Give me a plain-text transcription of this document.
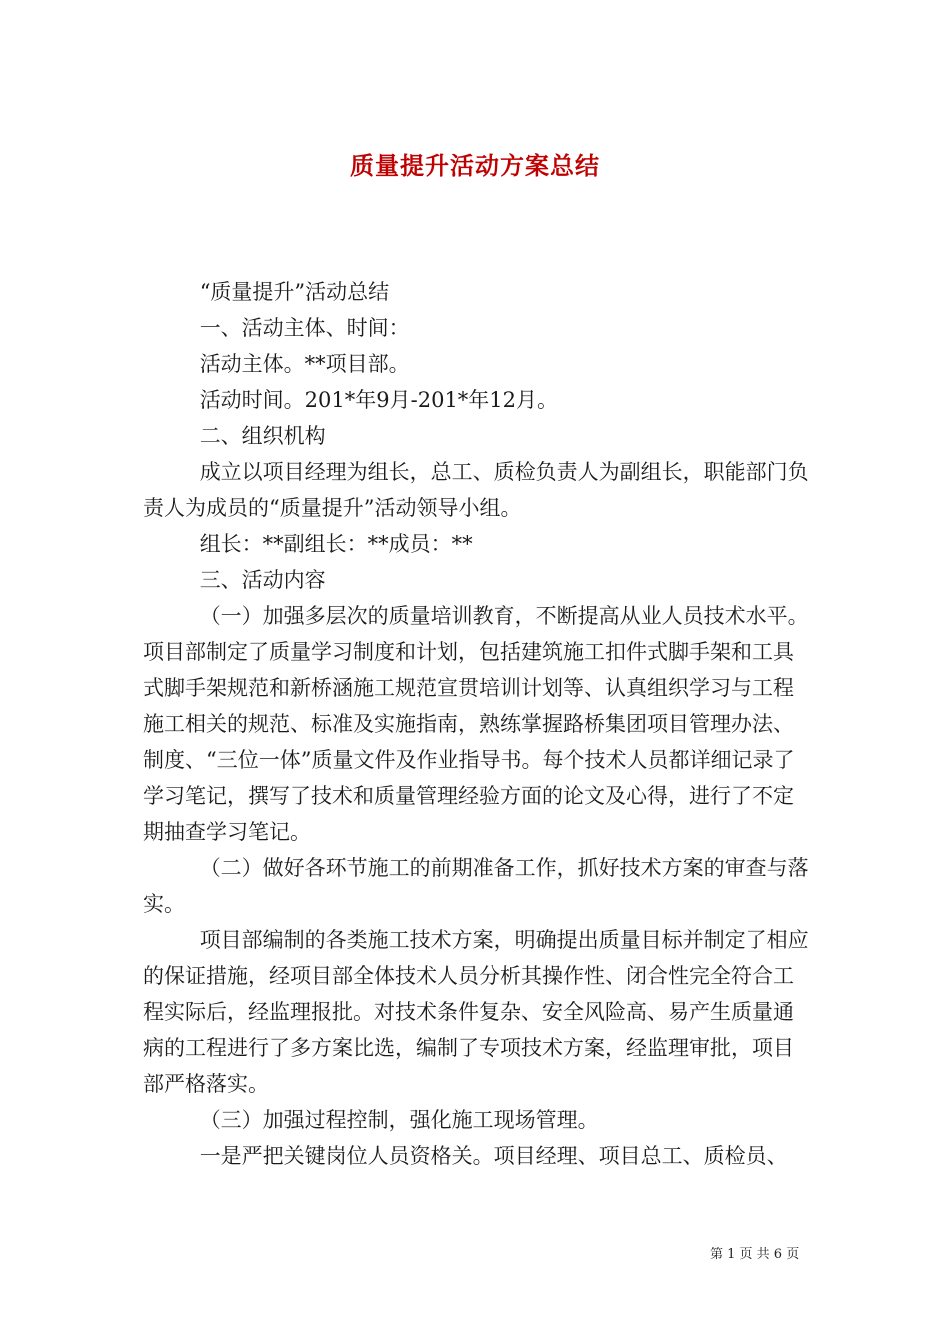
质量提升活动方案总结

“质量提升”活动总结

一、活动主体、时间：

活动主体。**项目部。

活动时间。201*年9月-201*年12月。

二、组织机构

成立以项目经理为组长，总工、质检负责人为副组长，职能部门负责人为成员的“质量提升”活动领导小组。

组长：**副组长：**成员：**

三、活动内容

（一）加强多层次的质量培训教育，不断提高从业人员技术水平。项目部制定了质量学习制度和计划，包括建筑施工扣件式脚手架和工具式脚手架规范和新桥涵施工规范宣贯培训计划等、认真组织学习与工程施工相关的规范、标准及实施指南，熟练掌握路桥集团项目管理办法、制度、“三位一体”质量文件及作业指导书。每个技术人员都详细记录了学习笔记，撰写了技术和质量管理经验方面的论文及心得，进行了不定期抽查学习笔记。

（二）做好各环节施工的前期准备工作，抓好技术方案的审查与落实。

项目部编制的各类施工技术方案，明确提出质量目标并制定了相应的保证措施，经项目部全体技术人员分析其操作性、闭合性完全符合工程实际后，经监理报批。对技术条件复杂、安全风险高、易产生质量通病的工程进行了多方案比选，编制了专项技术方案，经监理审批，项目部严格落实。

（三）加强过程控制，强化施工现场管理。

一是严把关键岗位人员资格关。项目经理、项目总工、质检员、

第 1 页 共 6 页
